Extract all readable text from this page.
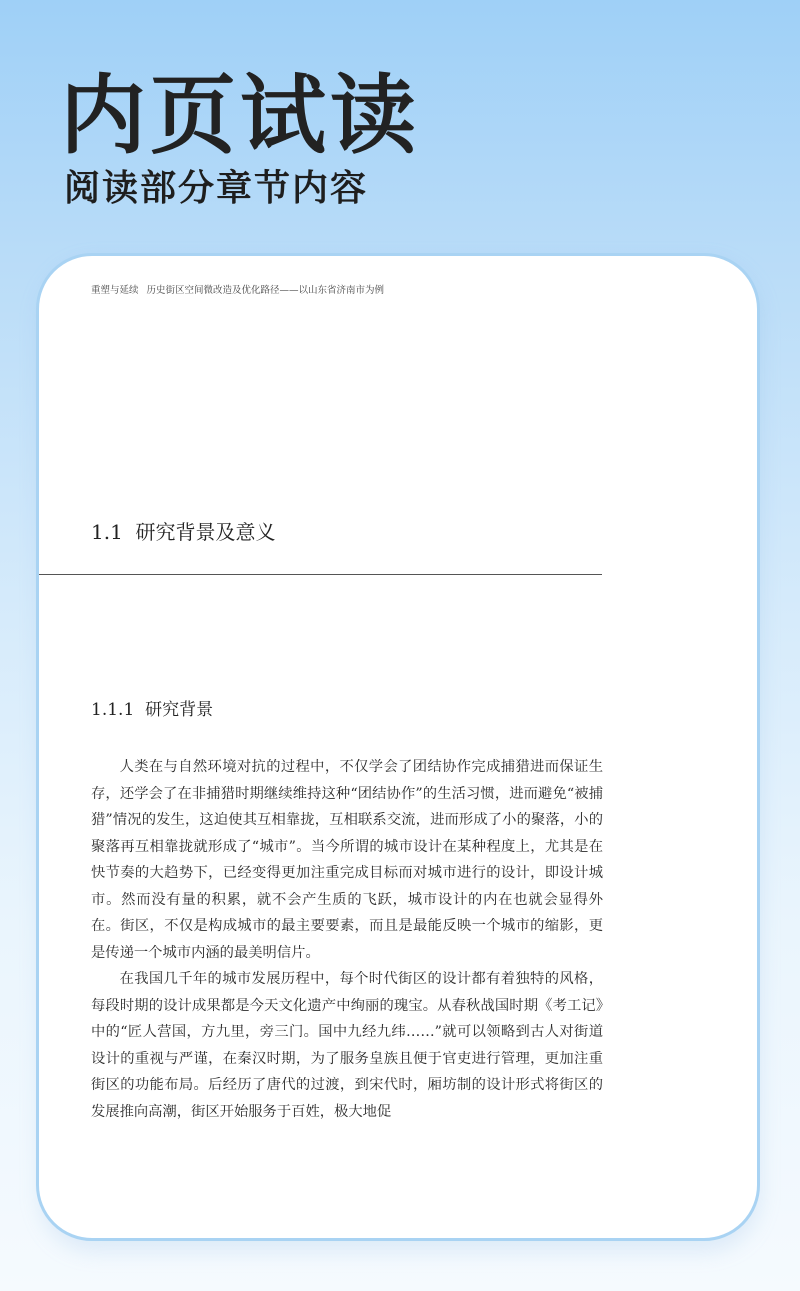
内页试读
阅读部分章节内容
重塑与延续 历史街区空间微改造及优化路径——以山东省济南市为例
1.1 研究背景及意义
1.1.1 研究背景

人类在与自然环境对抗的过程中，不仅学会了团结协作完成捕猎进而保证生存，还学会了在非捕猎时期继续维持这种“团结协作”的生活习惯，进而避免“被捕猎”情况的发生，这迫使其互相靠拢，互相联系交流，进而形成了小的聚落，小的聚落再互相靠拢就形成了“城市”。当今所谓的城市设计在某种程度上，尤其是在快节奏的大趋势下，已经变得更加注重完成目标而对城市进行的设计，即设计城市。然而没有量的积累，就不会产生质的飞跃，城市设计的内在也就会显得外在。街区，不仅是构成城市的最主要要素，而且是最能反映一个城市的缩影，更是传递一个城市内涵的最美明信片。

在我国几千年的城市发展历程中，每个时代街区的设计都有着独特的风格，每段时期的设计成果都是今天文化遗产中绚丽的瑰宝。从春秋战国时期《考工记》中的“匠人营国，方九里，旁三门。国中九经九纬……”就可以领略到古人对街道设计的重视与严谨，在秦汉时期，为了服务皇族且便于官吏进行管理，更加注重街区的功能布局。后经历了唐代的过渡，到宋代时，厢坊制的设计形式将街区的发展推向高潮，街区开始服务于百姓，极大地促
